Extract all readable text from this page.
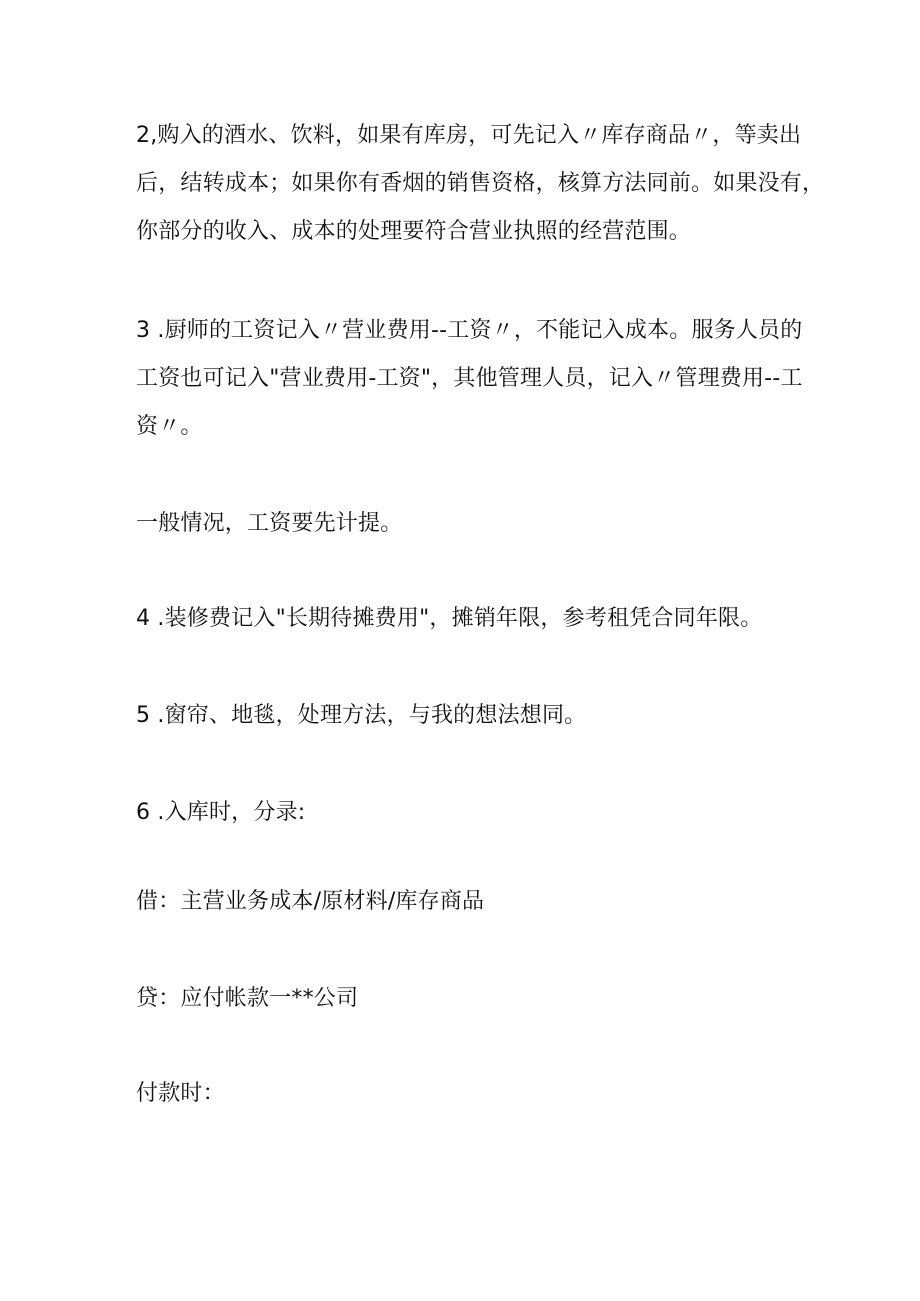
2,购入的酒水、饮料，如果有库房，可先记入〃库存商品〃，等卖出
后，结转成本；如果你有香烟的销售资格，核算方法同前。如果没有，
你部分的收入、成本的处理要符合营业执照的经营范围。
3 .厨师的工资记入〃营业费用--工资〃，不能记入成本。服务人员的
工资也可记入"营业费用-工资"，其他管理人员，记入〃管理费用--工
资〃。
一般情况，工资要先计提。
4 .装修费记入"长期待摊费用"，摊销年限，参考租凭合同年限。
5 .窗帘、地毯，处理方法，与我的想法想同。
6 .入库时，分录:
借：主营业务成本/原材料/库存商品
贷：应付帐款一**公司
付款时：
